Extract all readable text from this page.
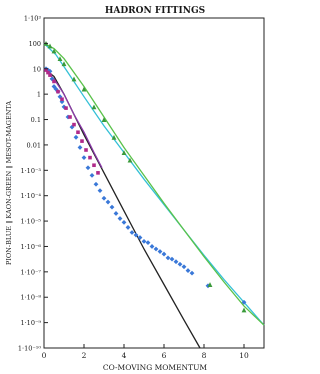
HADRON FITTINGS
0	2	4	6	8	10
1·10³
100
10
1
0.1
0.01
1·10⁻³
1·10⁻⁴
1·10⁻⁵
1·10⁻⁶
1·10⁻⁷
1·10⁻⁸
1·10⁻⁹
1·10⁻¹⁰
CO-MOVING MOMENTUM
PION-BLUE ‖ KAON-GREEN ‖ MESOT-MAGENTA
